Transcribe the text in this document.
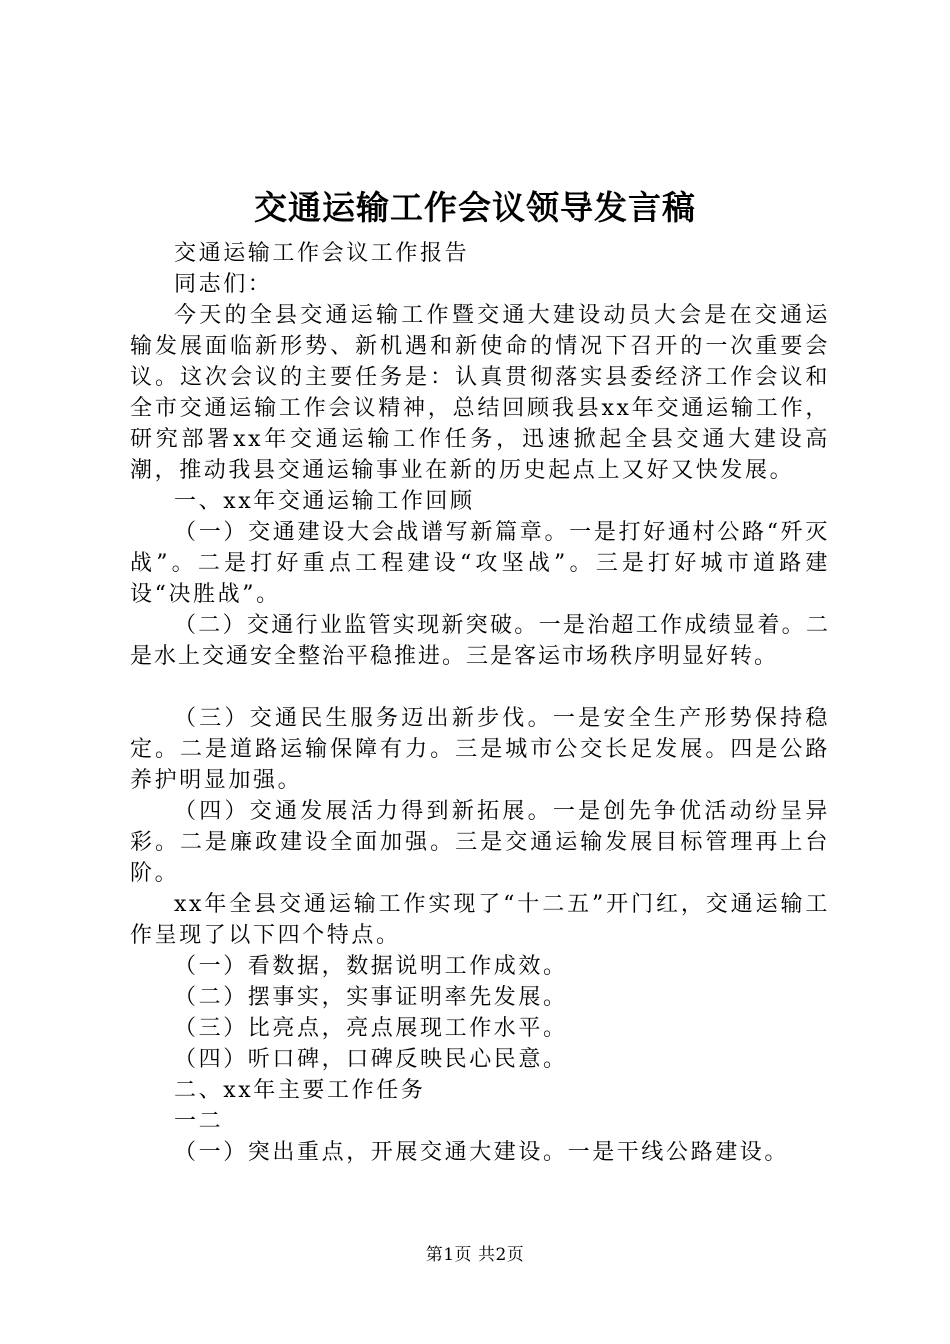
交通运输工作会议领导发言稿

交通运输工作会议工作报告

同志们：

今天的全县交通运输工作暨交通大建设动员大会是在交通运输发展面临新形势、新机遇和新使命的情况下召开的一次重要会议。这次会议的主要任务是：认真贯彻落实县委经济工作会议和全市交通运输工作会议精神，总结回顾我县xx年交通运输工作，研究部署xx年交通运输工作任务，迅速掀起全县交通大建设高潮，推动我县交通运输事业在新的历史起点上又好又快发展。

一、xx年交通运输工作回顾

（一）交通建设大会战谱写新篇章。一是打好通村公路“歼灭战”。二是打好重点工程建设“攻坚战”。三是打好城市道路建设“决胜战”。

（二）交通行业监管实现新突破。一是治超工作成绩显着。二是水上交通安全整治平稳推进。三是客运市场秩序明显好转。

（三）交通民生服务迈出新步伐。一是安全生产形势保持稳定。二是道路运输保障有力。三是城市公交长足发展。四是公路养护明显加强。

（四）交通发展活力得到新拓展。一是创先争优活动纷呈异彩。二是廉政建设全面加强。三是交通运输发展目标管理再上台阶。

xx年全县交通运输工作实现了“十二五”开门红，交通运输工作呈现了以下四个特点。

（一）看数据，数据说明工作成效。

（二）摆事实，实事证明率先发展。

（三）比亮点，亮点展现工作水平。

（四）听口碑，口碑反映民心民意。

二、xx年主要工作任务

一二

（一）突出重点，开展交通大建设。一是干线公路建设。

第1页 共2页
